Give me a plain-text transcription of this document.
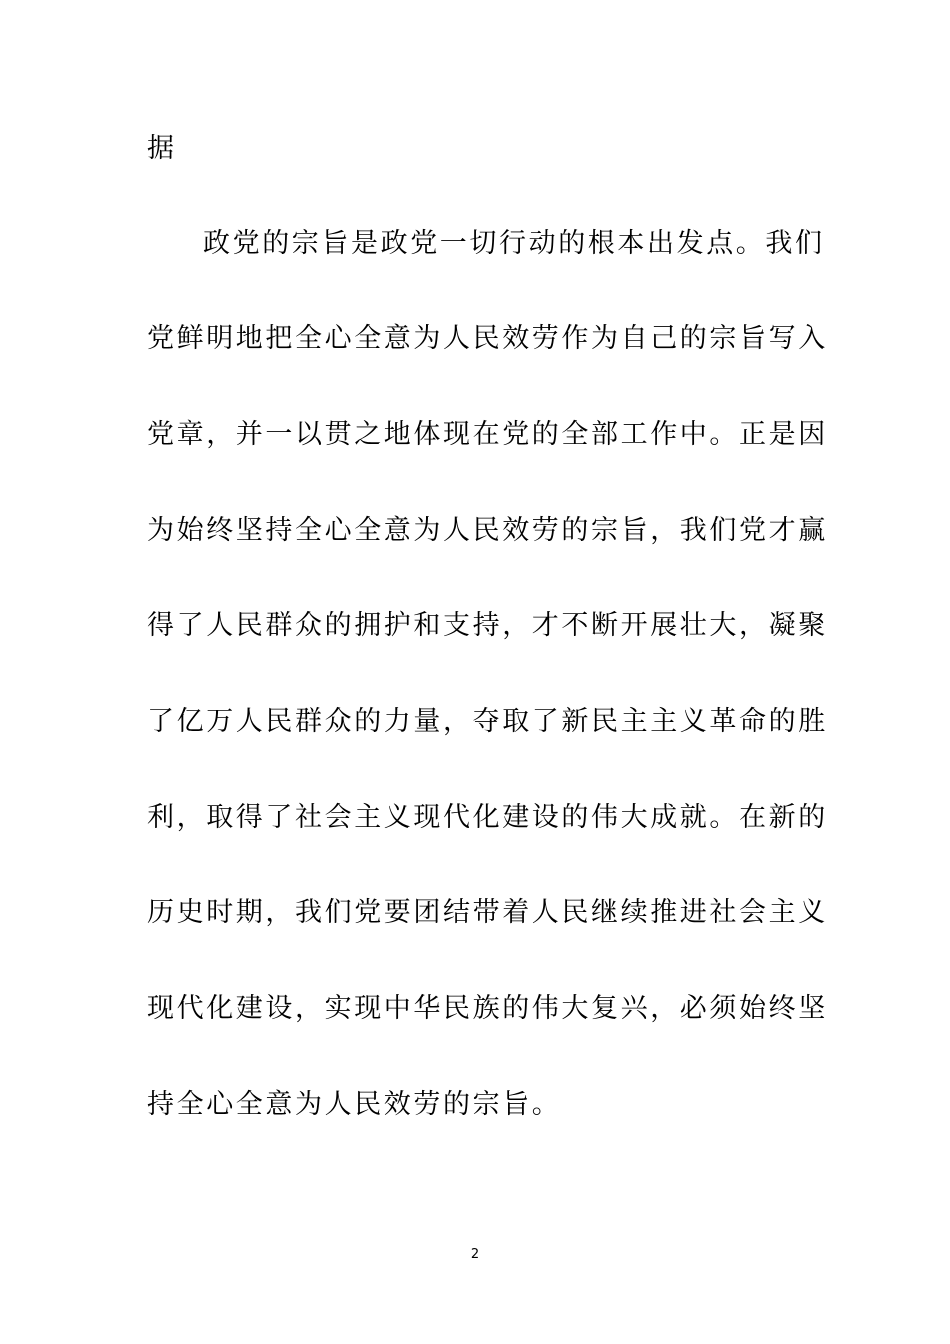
据
政党的宗旨是政党一切行动的根本出发点。我们
党鲜明地把全心全意为人民效劳作为自己的宗旨写入
党章，并一以贯之地体现在党的全部工作中。正是因
为始终坚持全心全意为人民效劳的宗旨，我们党才赢
得了人民群众的拥护和支持，才不断开展壮大，凝聚
了亿万人民群众的力量，夺取了新民主主义革命的胜
利，取得了社会主义现代化建设的伟大成就。在新的
历史时期，我们党要团结带着人民继续推进社会主义
现代化建设，实现中华民族的伟大复兴，必须始终坚
持全心全意为人民效劳的宗旨。
2
